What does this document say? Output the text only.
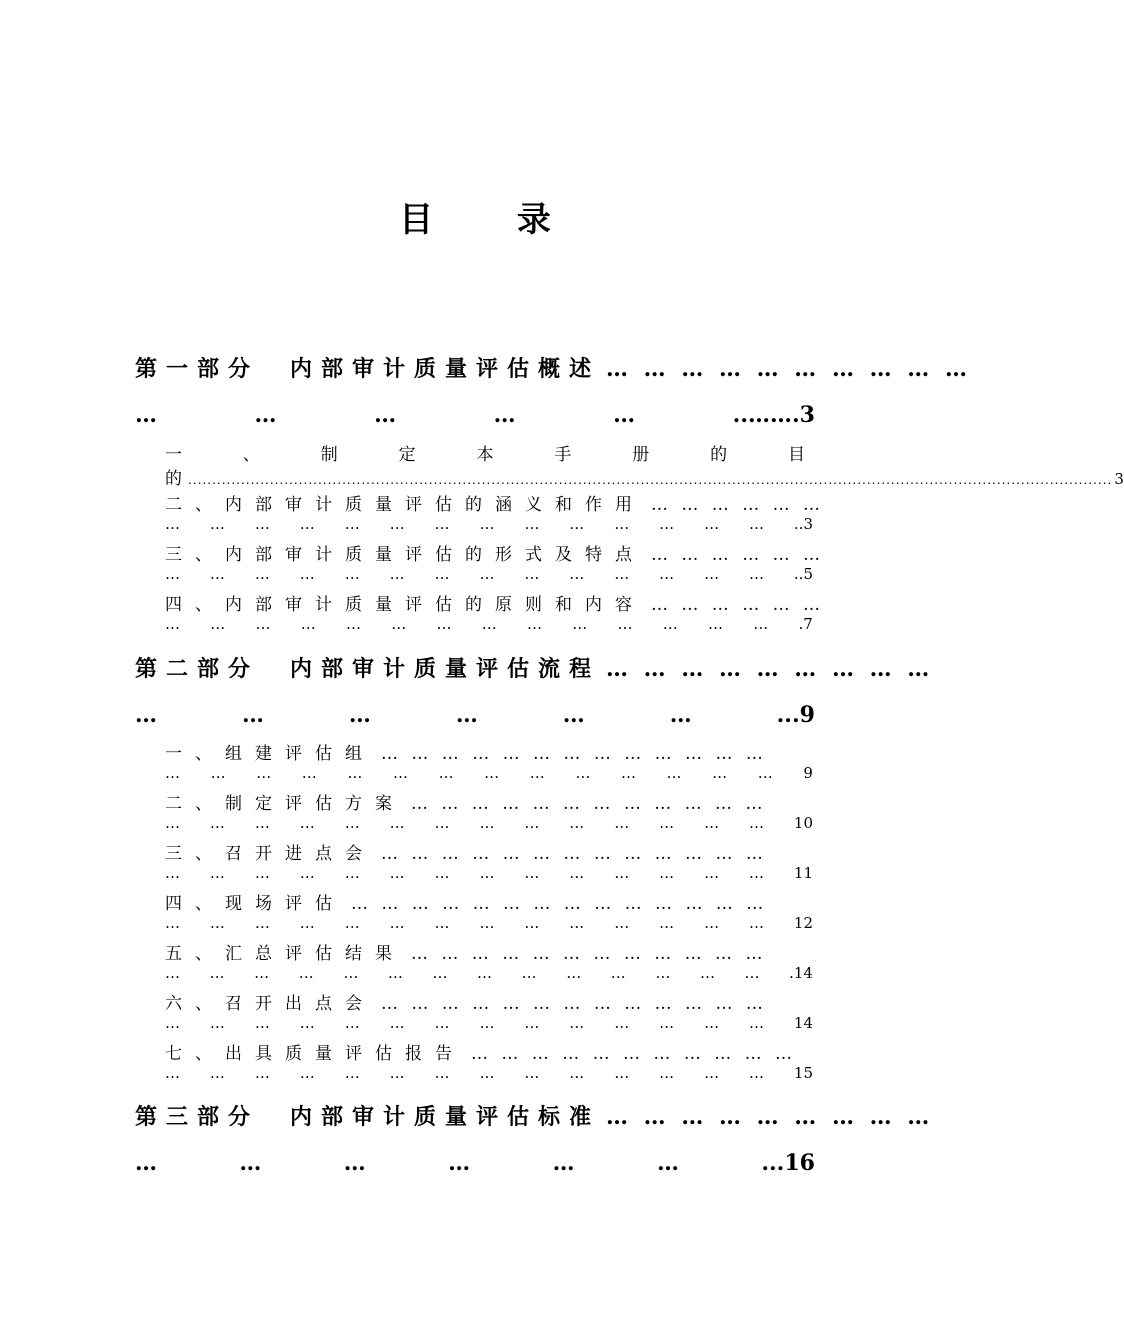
目 录
第一部分　内部审计质量评估概述 … … … … … … … … … …
…	…	…	…	…	..…….3
一	、	制	定	本	手	册	的	目
的 ................................................................................................................................................................................................ 3
二、内部审计质量评估的涵义和作用 … … … … … …
… … … … … … … … … … … … … … ..3
三、内部审计质量评估的形式及特点 … … … … … …
… … … … … … … … … … … … … … ..5
四、内部审计质量评估的原则和内容 … … … … … …
… … … … … … … … … … … … … … .7
第二部分　内部审计质量评估流程 … … … … … … … … …
…	…	…	…	…	…	...9
一、组建评估组 … … … … … … … … … … … … …
… … … … … … … … … … … … … … 9
二、制定评估方案 … … … … … … … … … … … …
… … … … … … … … … … … … … … 10
三、召开进点会 … … … … … … … … … … … … …
… … … … … … … … … … … … … … 11
四、现场评估 … … … … … … … … … … … … … …
… … … … … … … … … … … … … … 12
五、汇总评估结果 … … … … … … … … … … … …
… … … … … … … … … … … … … … .14
六、召开出点会 … … … … … … … … … … … … …
… … … … … … … … … … … … … … 14
七、出具质量评估报告 … … … … … … … … … … …
… … … … … … … … … … … … … … 15
第三部分　内部审计质量评估标准 … … … … … … … … …
…	…	…	…	…	…	...16
